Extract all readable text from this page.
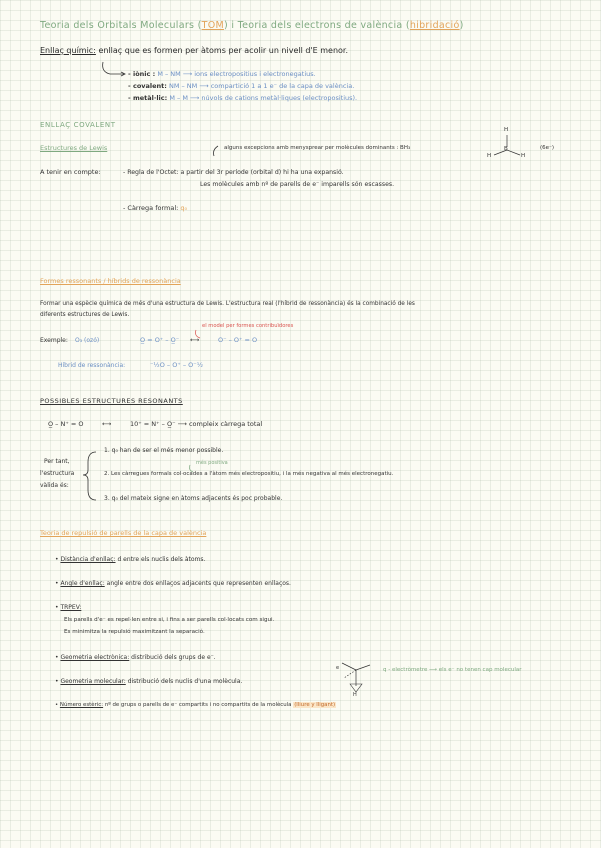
Teoria dels Orbitals Moleculars (TOM) i Teoria dels electrons de valència (hibridació)
Enllaç químic: enllaç que es formen per àtoms per acolir un nivell d'E menor.
- iònic : M – NM ⟶ ions electropositius i electronegatius.
- covalent: NM – NM ⟶ compartició 1 a 1 e⁻ de la capa de valència.
- metàl·lic: M – M ⟶ núvols de cations metàl·liques (electropositius).
ENLLAÇ COVALENT
Estructures de Lewis	alguns excepcions amb menysprear per molècules dominants : BH₃
H
H
B
H
(6e⁻)
A tenir en compte:	- Regla de l'Octet: a partir del 3r període (orbital d) hi ha una expansió.
Les molècules amb nº de parells de e⁻ imparells són escasses.
- Càrrega formal: q₀
Formes ressonants / híbrids de ressonància
Formar una espècie química de més d'una estructura de Lewis. L'estructura real (l'híbrid de ressonància) és la combinació de les
diferents estructures de Lewis.
el model per formes contribuïdores
Exemple: O₃ (ozó)	O̲ = O⁺ – O̲⁻ ⟷	O⁻ – O⁺ = O
Híbrid de ressonància:	⁻½O – O⁺ – O⁻½
POSSIBLES ESTRUCTURES RESONANTS
O̲ – N⁺ = O	⟷	10⁺ = N⁺ – O̲⁻ ⟶ compleix càrrega total
Per tant,
l'estructura
vàlida és:
1. q₀ han de ser el més menor possible.
més positiva
2. Les càrregues formals col·ocades a l'àtom més electropositiu, i la més negativa al més electronegatiu.
3. q₀ del mateix signe en àtoms adjacents és poc probable.
Teoria de repulsió de parells de la capa de valència
• Distància d'enllaç: d entre els nuclis dels àtoms.
• Angle d'enllaç: angle entre dos enllaços adjacents que representen enllaços.
• TRPEV:
Els parells d'e⁻ es repel·len entre si, i fins a ser parells col·locats com sigui.
Es minimitza la repulsió maximitzant la separació.
• Geometria electrònica: distribució dels grups de e⁻.
• Geometria molecular: distribució dels nuclis d'una molècula.
• Número estèric: nº de grups o parells de e⁻ compartits i no compartits de la molècula (lliure y lligant)
e
H
q - electròmetre ⟶ els e⁻ no tenen cap molecular
